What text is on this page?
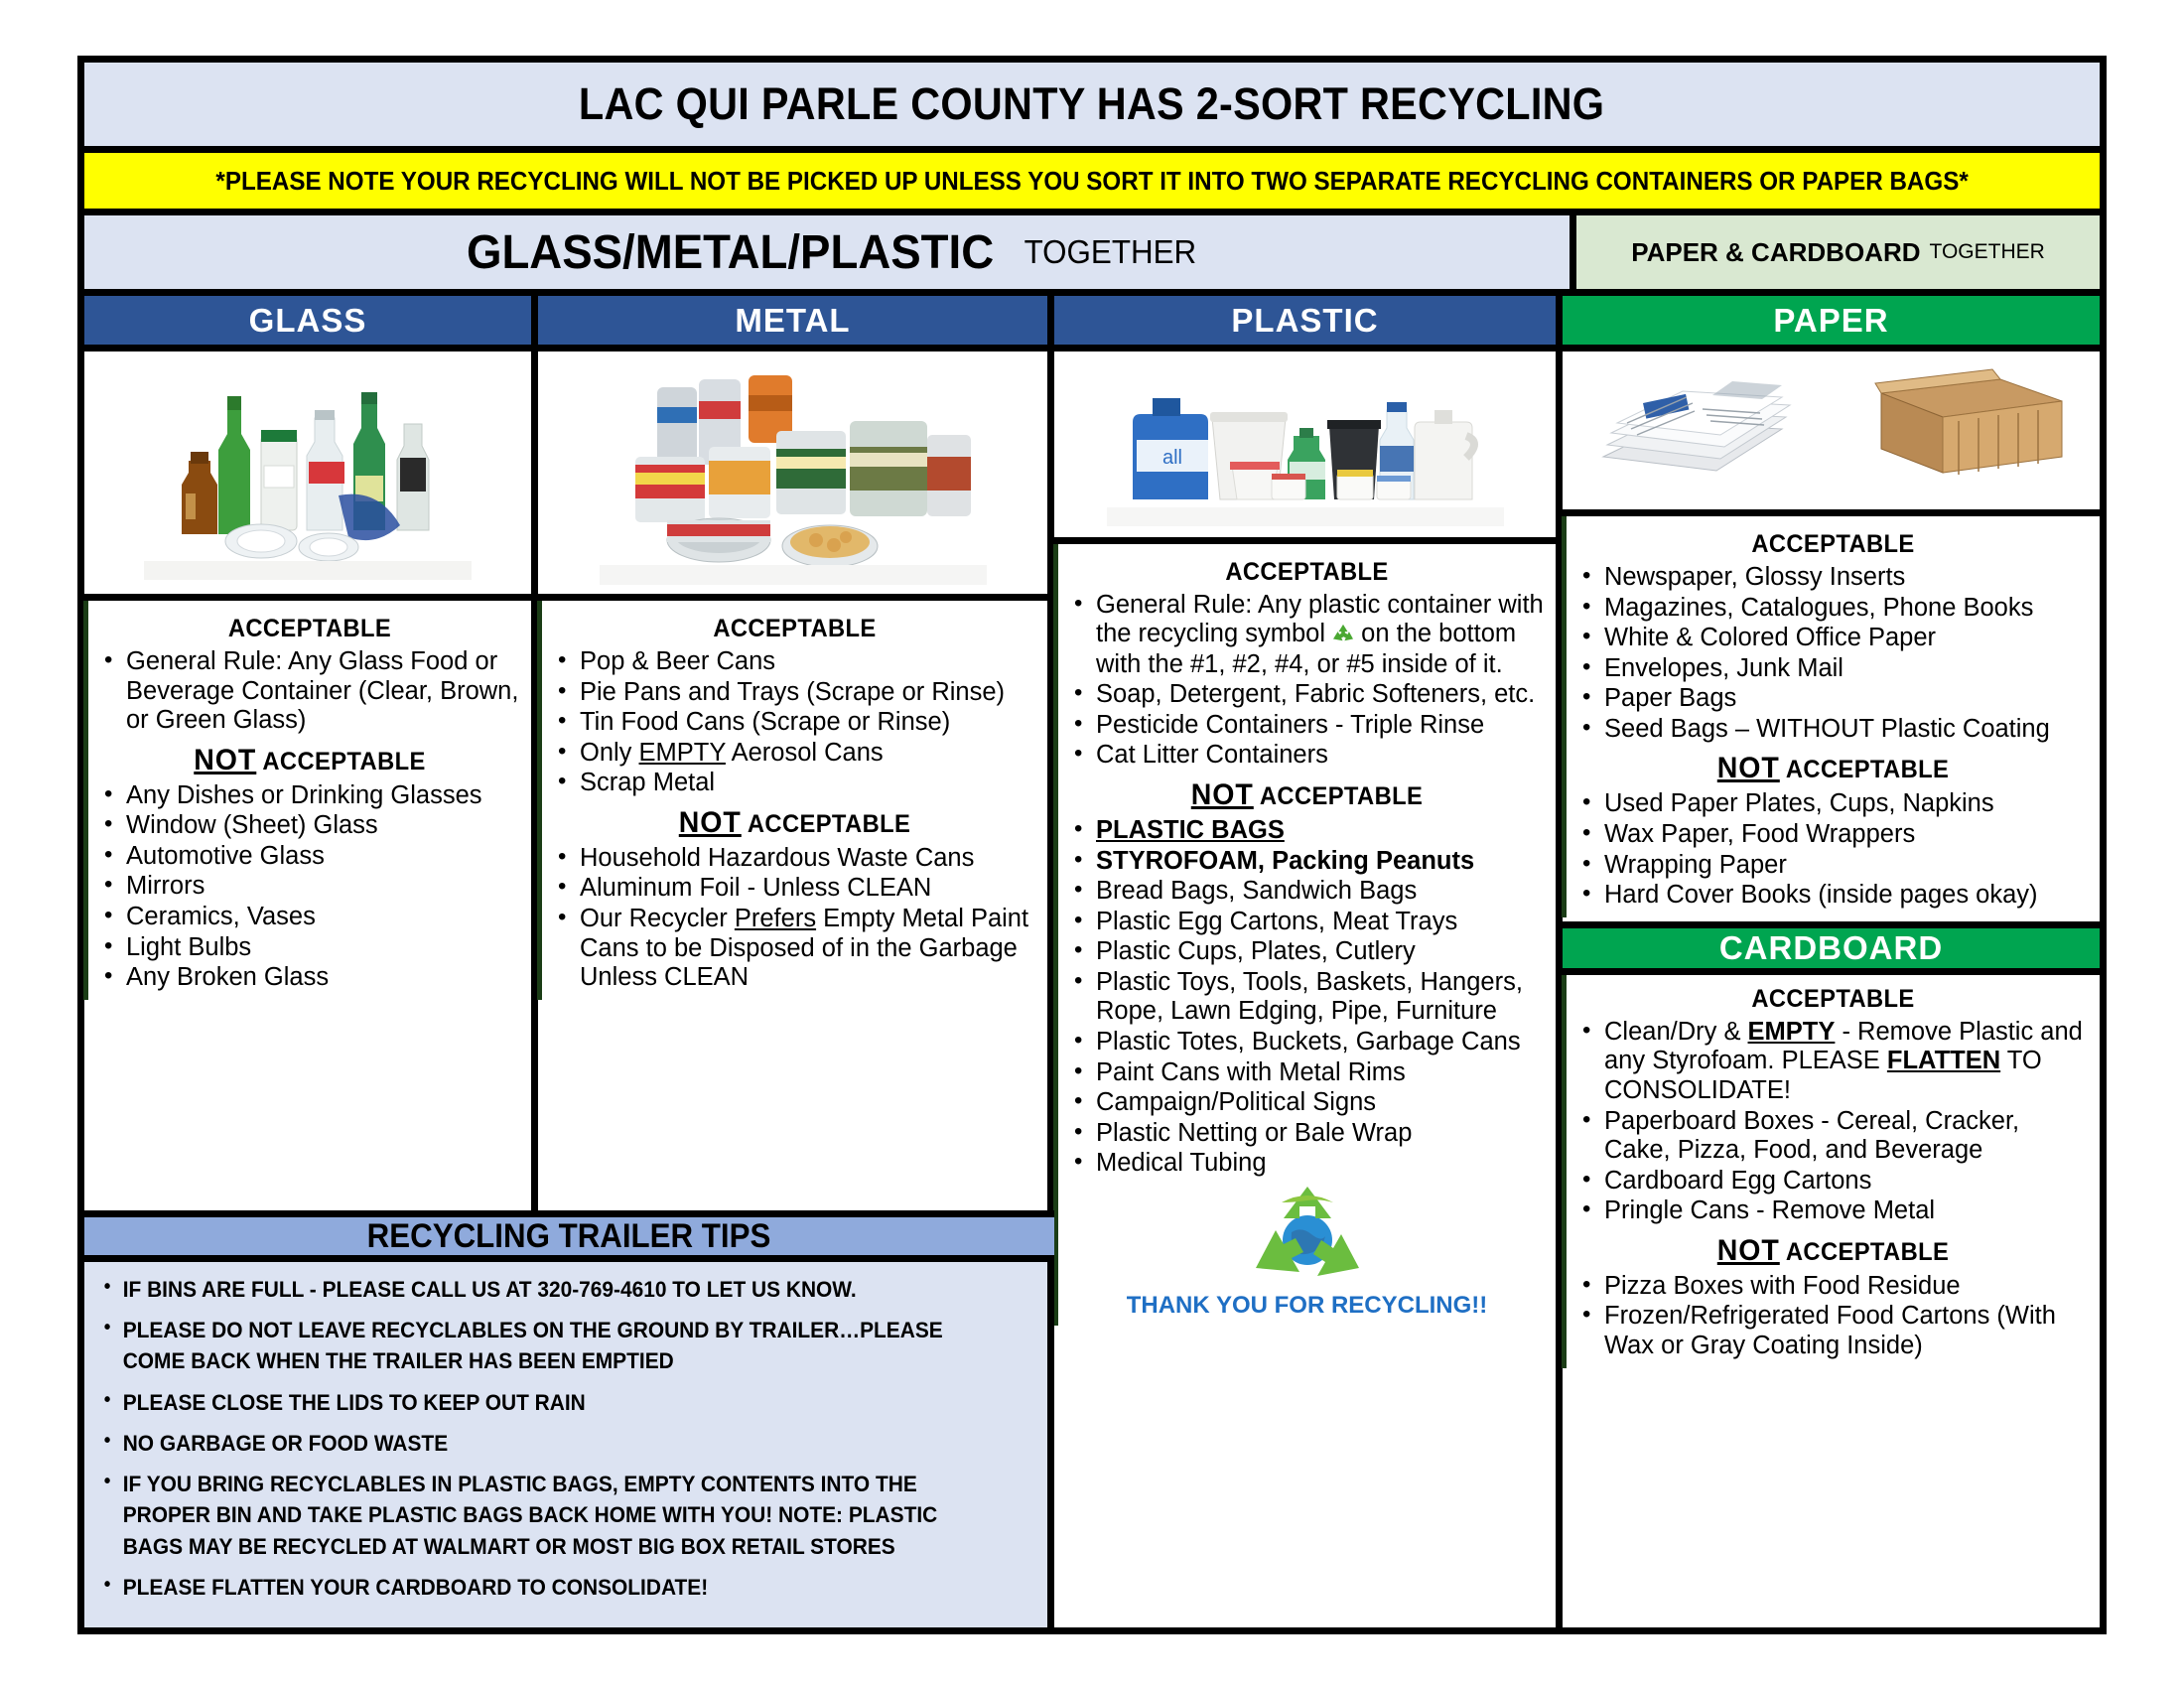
LAC QUI PARLE COUNTY HAS 2-SORT RECYCLING
*PLEASE NOTE YOUR RECYCLING WILL NOT BE PICKED UP UNLESS YOU SORT IT INTO TWO SEPARATE RECYCLING CONTAINERS OR PAPER BAGS*
GLASS/METAL/PLASTIC TOGETHER	PAPER & CARDBOARD TOGETHER
GLASS
ACCEPTABLE
• General Rule: Any Glass Food or Beverage Container (Clear, Brown, or Green Glass)
NOT ACCEPTABLE
• Any Dishes or Drinking Glasses
• Window (Sheet) Glass
• Automotive Glass
• Mirrors
• Ceramics, Vases
• Light Bulbs
• Any Broken Glass
METAL
ACCEPTABLE
• Pop & Beer Cans
• Pie Pans and Trays (Scrape or Rinse)
• Tin Food Cans (Scrape or Rinse)
• Only EMPTY Aerosol Cans
• Scrap Metal
NOT ACCEPTABLE
• Household Hazardous Waste Cans
• Aluminum Foil - Unless CLEAN
• Our Recycler Prefers Empty Metal Paint Cans to be Disposed of in the Garbage Unless CLEAN
PLASTIC
all
ACCEPTABLE
• General Rule: Any plastic container with the recycling symbol  on the bottom with the #1, #2, #4, or #5 inside of it.
• Soap, Detergent, Fabric Softeners, etc.
• Pesticide Containers - Triple Rinse
• Cat Litter Containers
NOT ACCEPTABLE
• PLASTIC BAGS
• STYROFOAM, Packing Peanuts
• Bread Bags, Sandwich Bags
• Plastic Egg Cartons, Meat Trays
• Plastic Cups, Plates, Cutlery
• Plastic Toys, Tools, Baskets, Hangers, Rope, Lawn Edging, Pipe, Furniture
• Plastic Totes, Buckets, Garbage Cans
• Paint Cans with Metal Rims
• Campaign/Political Signs
• Plastic Netting or Bale Wrap
• Medical Tubing
THANK YOU FOR RECYCLING!!
PAPER
ACCEPTABLE
• Newspaper, Glossy Inserts
• Magazines, Catalogues, Phone Books
• White & Colored Office Paper
• Envelopes, Junk Mail
• Paper Bags
• Seed Bags – WITHOUT Plastic Coating
NOT ACCEPTABLE
• Used Paper Plates, Cups, Napkins
• Wax Paper, Food Wrappers
• Wrapping Paper
• Hard Cover Books (inside pages okay)
CARDBOARD
ACCEPTABLE
• Clean/Dry & EMPTY - Remove Plastic and any Styrofoam. PLEASE FLATTEN TO CONSOLIDATE!
• Paperboard Boxes - Cereal, Cracker, Cake, Pizza, Food, and Beverage
• Cardboard Egg Cartons
• Pringle Cans - Remove Metal
NOT ACCEPTABLE
• Pizza Boxes with Food Residue
• Frozen/Refrigerated Food Cartons (With Wax or Gray Coating Inside)
RECYCLING TRAILER TIPS
• IF BINS ARE FULL - PLEASE CALL US AT 320-769-4610 TO LET US KNOW.
• PLEASE DO NOT LEAVE RECYCLABLES ON THE GROUND BY TRAILER…PLEASE COME BACK WHEN THE TRAILER HAS BEEN EMPTIED
• PLEASE CLOSE THE LIDS TO KEEP OUT RAIN
• NO GARBAGE OR FOOD WASTE
• IF YOU BRING RECYCLABLES IN PLASTIC BAGS, EMPTY CONTENTS INTO THE PROPER BIN AND TAKE PLASTIC BAGS BACK HOME WITH YOU! NOTE: PLASTIC BAGS MAY BE RECYCLED AT WALMART OR MOST BIG BOX RETAIL STORES
• PLEASE FLATTEN YOUR CARDBOARD TO CONSOLIDATE!
